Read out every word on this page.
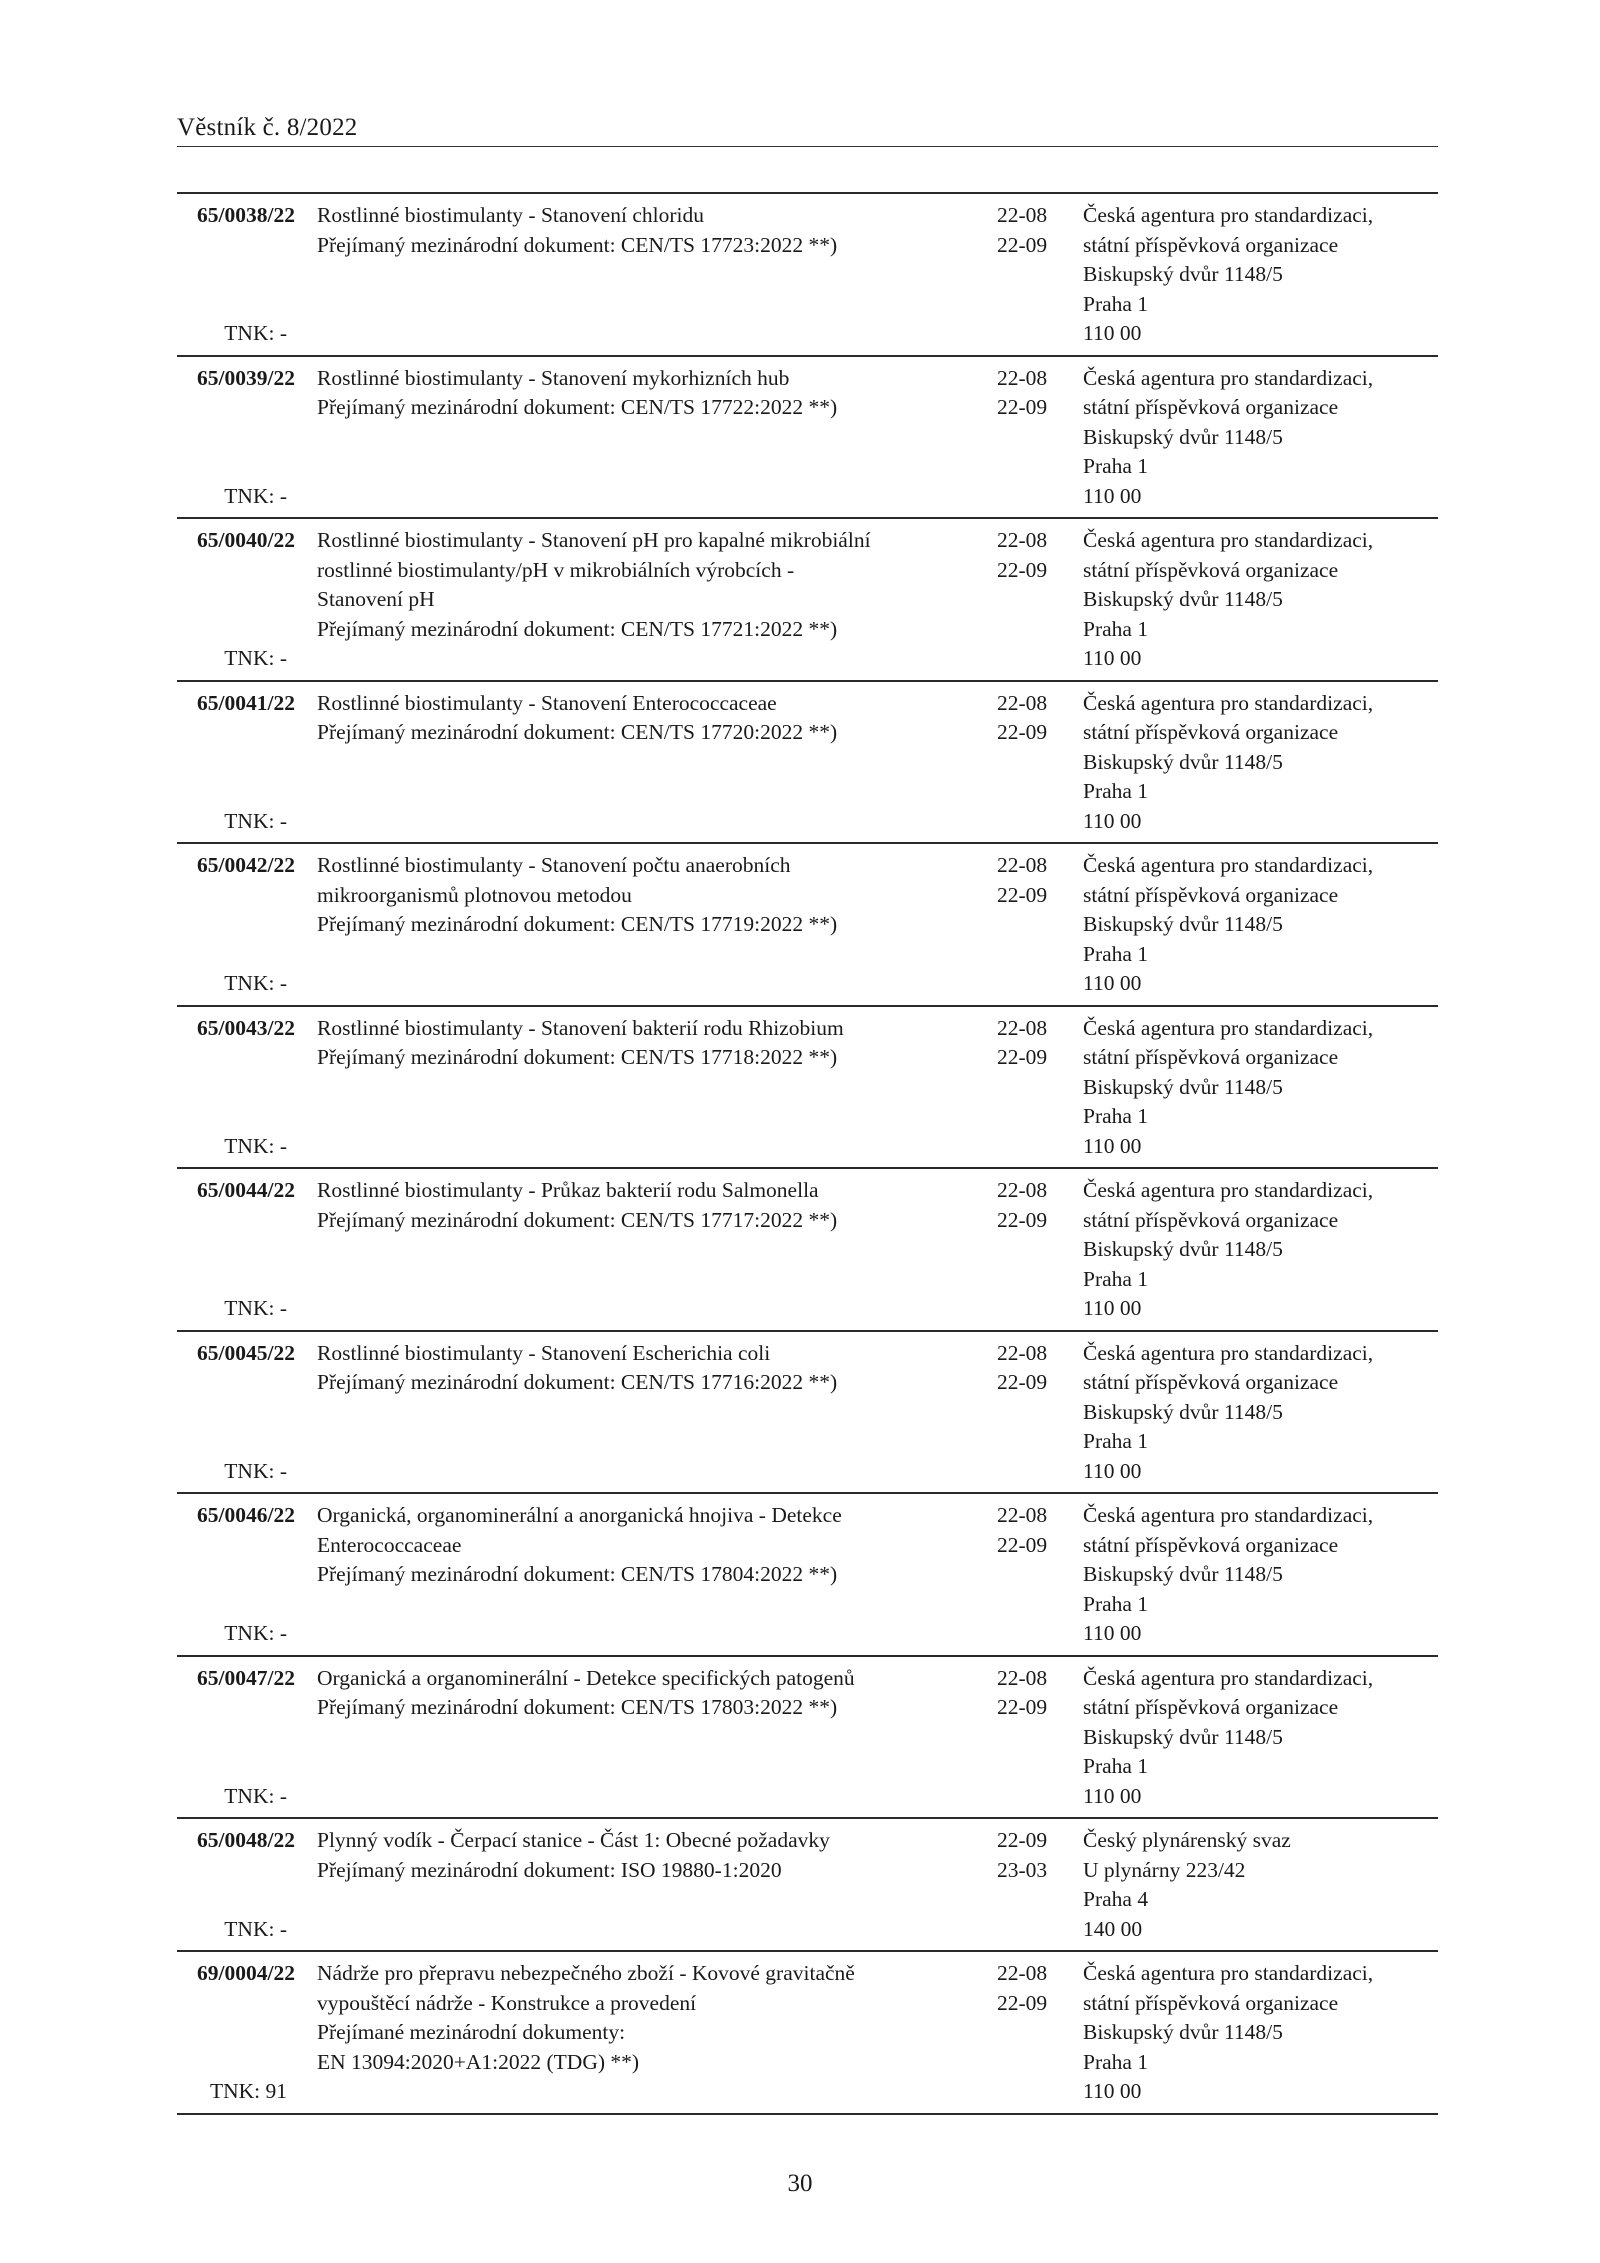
Věstník č. 8/2022
65/0038/22
TNK: -
Rostlinné biostimulanty - Stanovení chloridu
Přejímaný mezinárodní dokument: CEN/TS 17723:2022 **)
22-08
22-09
Česká agentura pro standardizaci,
státní příspěvková organizace
Biskupský dvůr 1148/5
Praha 1
110 00
65/0039/22
TNK: -
Rostlinné biostimulanty - Stanovení mykorhizních hub
Přejímaný mezinárodní dokument: CEN/TS 17722:2022 **)
22-08
22-09
Česká agentura pro standardizaci,
státní příspěvková organizace
Biskupský dvůr 1148/5
Praha 1
110 00
65/0040/22
TNK: -
Rostlinné biostimulanty - Stanovení pH pro kapalné mikrobiální
rostlinné biostimulanty/pH v mikrobiálních výrobcích -
Stanovení pH
Přejímaný mezinárodní dokument: CEN/TS 17721:2022 **)
22-08
22-09
Česká agentura pro standardizaci,
státní příspěvková organizace
Biskupský dvůr 1148/5
Praha 1
110 00
65/0041/22
TNK: -
Rostlinné biostimulanty - Stanovení Enterococcaceae
Přejímaný mezinárodní dokument: CEN/TS 17720:2022 **)
22-08
22-09
Česká agentura pro standardizaci,
státní příspěvková organizace
Biskupský dvůr 1148/5
Praha 1
110 00
65/0042/22
TNK: -
Rostlinné biostimulanty - Stanovení počtu anaerobních
mikroorganismů plotnovou metodou
Přejímaný mezinárodní dokument: CEN/TS 17719:2022 **)
22-08
22-09
Česká agentura pro standardizaci,
státní příspěvková organizace
Biskupský dvůr 1148/5
Praha 1
110 00
65/0043/22
TNK: -
Rostlinné biostimulanty - Stanovení bakterií rodu Rhizobium
Přejímaný mezinárodní dokument: CEN/TS 17718:2022 **)
22-08
22-09
Česká agentura pro standardizaci,
státní příspěvková organizace
Biskupský dvůr 1148/5
Praha 1
110 00
65/0044/22
TNK: -
Rostlinné biostimulanty - Průkaz bakterií rodu Salmonella
Přejímaný mezinárodní dokument: CEN/TS 17717:2022 **)
22-08
22-09
Česká agentura pro standardizaci,
státní příspěvková organizace
Biskupský dvůr 1148/5
Praha 1
110 00
65/0045/22
TNK: -
Rostlinné biostimulanty - Stanovení Escherichia coli
Přejímaný mezinárodní dokument: CEN/TS 17716:2022 **)
22-08
22-09
Česká agentura pro standardizaci,
státní příspěvková organizace
Biskupský dvůr 1148/5
Praha 1
110 00
65/0046/22
TNK: -
Organická, organominerální a anorganická hnojiva - Detekce
Enterococcaceae
Přejímaný mezinárodní dokument: CEN/TS 17804:2022 **)
22-08
22-09
Česká agentura pro standardizaci,
státní příspěvková organizace
Biskupský dvůr 1148/5
Praha 1
110 00
65/0047/22
TNK: -
Organická a organominerální - Detekce specifických patogenů
Přejímaný mezinárodní dokument: CEN/TS 17803:2022 **)
22-08
22-09
Česká agentura pro standardizaci,
státní příspěvková organizace
Biskupský dvůr 1148/5
Praha 1
110 00
65/0048/22
TNK: -
Plynný vodík - Čerpací stanice - Část 1: Obecné požadavky
Přejímaný mezinárodní dokument: ISO 19880-1:2020
22-09
23-03
Český plynárenský svaz
U plynárny 223/42
Praha 4
140 00
69/0004/22
TNK: 91
Nádrže pro přepravu nebezpečného zboží - Kovové gravitačně
vypouštěcí nádrže - Konstrukce a provedení
Přejímané mezinárodní dokumenty:
EN 13094:2020+A1:2022 (TDG) **)
22-08
22-09
Česká agentura pro standardizaci,
státní příspěvková organizace
Biskupský dvůr 1148/5
Praha 1
110 00
30
